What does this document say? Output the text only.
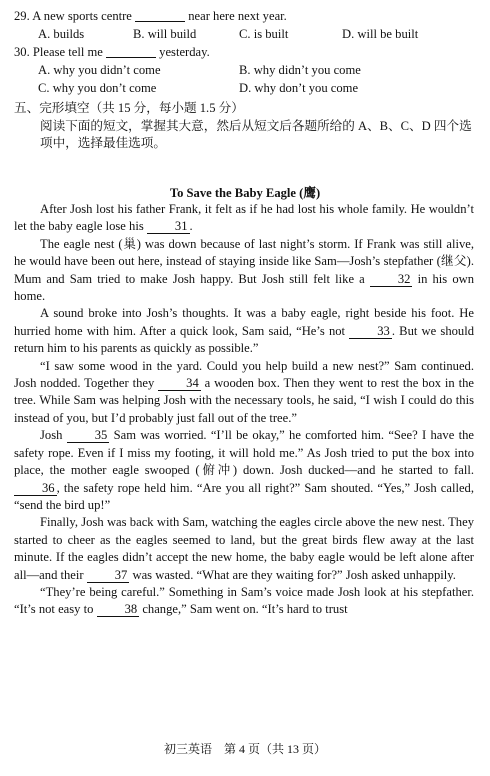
29. A new sports centre	near here next year.
A. builds	B. will build	C. is built	D. will be built
30. Please tell me	yesterday.
A. why you didn’t come	B. why didn’t you come
C. why you don’t come	D. why don’t you come
五、完形填空（共 15 分，每小题 1.5 分）
阅读下面的短文，掌握其大意，然后从短文后各题所给的 A、B、C、D 四个选项中，选择最佳选项。
To Save the Baby Eagle (鹰)

After Josh lost his father Frank, it felt as if he had lost his whole family. He wouldn’t let the baby eagle lose his 31 .

The eagle nest (巢) was down because of last night’s storm. If Frank was still alive, he would have been out here, instead of staying inside like Sam—Josh’s stepfather (继父). Mum and Sam tried to make Josh happy. But Josh still felt like a	32 in his own home.

A sound broke into Josh’s thoughts. It was a baby eagle, right beside his foot. He hurried home with him. After a quick look, Sam said, “He’s not	33 . But we should return him to his parents as quickly as possible.”

“I saw some wood in the yard. Could you help build a new nest?” Sam continued. Josh nodded. Together they	34 a wooden box. Then they went to rest the box in the tree. While Sam was helping Josh with the necessary tools, he said, “I wish I could do this instead of you, but I’d probably just fall out of the tree.”

Josh	35 Sam was worried. “I’ll be okay,” he comforted him. “See? I have the safety rope. Even if I miss my footing, it will hold me.” As Josh tried to put the box into place, the mother eagle swooped (俯冲) down. Josh ducked—and he started to fall. 36 , the safety rope held him. “Are you all right?” Sam shouted. “Yes,” Josh called, “send the bird up!”

Finally, Josh was back with Sam, watching the eagles circle above the new nest. They started to cheer as the eagles seemed to land, but the great birds flew away at the last minute. If the eagles didn’t accept the new home, the baby eagle would be left alone after all—and their 37 was wasted. “What are they waiting for?” Josh asked unhappily.

“They’re being careful.” Something in Sam’s voice made Josh look at his stepfather. “It’s not easy to 38 change,” Sam went on. “It’s hard to trust

初三英语　第 4 页（共 13 页）
